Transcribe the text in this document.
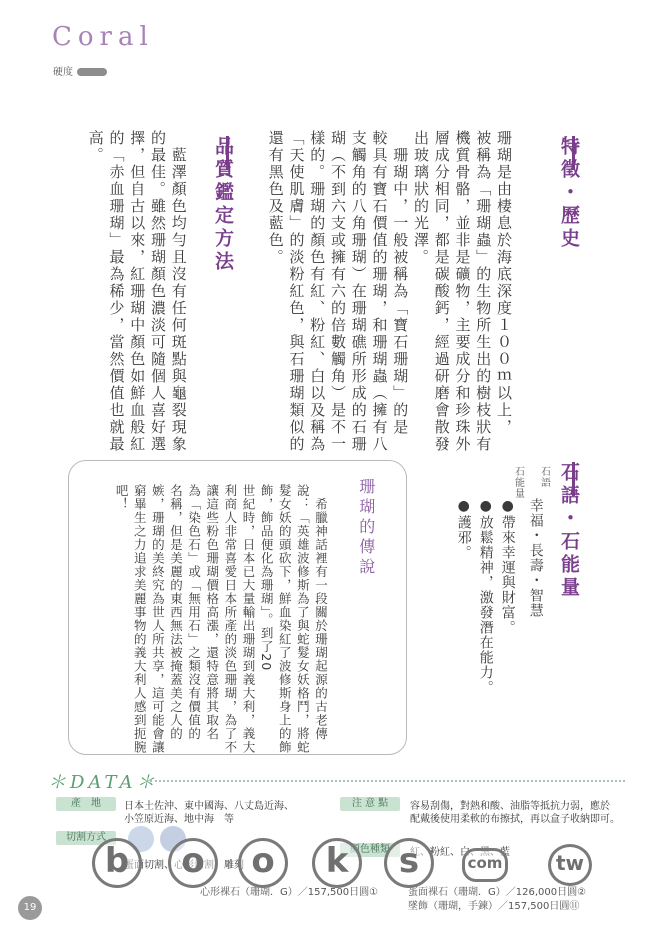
Coral
硬度
特徵・歷史
珊瑚是由棲息於海底深度１００ｍ以上，
被稱為「珊瑚蟲」的生物所生出的樹枝狀有
機質骨骼，並非是礦物，主要成分和珍珠外
層成分相同，都是碳酸鈣，經過研磨會散發
出玻璃狀的光澤。
　珊瑚中，一般被稱為「寶石珊瑚」的是
較具有寶石價值的珊瑚，和珊瑚蟲（擁有八
支觸角的八角珊瑚）在珊瑚礁所形成的石珊
瑚（不到六支或擁有六的倍數觸角）是不一
樣的。珊瑚的顏色有紅、粉紅、白以及稱為
「天使肌膚」的淡粉紅色，與石珊瑚類似的
還有黑色及藍色。
品質鑑定方法
　藍澤顏色均勻且沒有任何斑點與龜裂現象
的最佳。雖然珊瑚顏色濃淡可隨個人喜好選
擇，但自古以來，紅珊瑚中顏色如鮮血般紅
的「赤血珊瑚」最為稀少，當然價值也就最
高。
石語・石能量
石語
幸福・長壽・智慧
石能量
●帶來幸運與財富。
●放鬆精神，激發潛在能力。
●護邪。
珊瑚的傳說
　希臘神話裡有一段關於珊瑚起源的古老傳
說：「英雄波修斯為了與蛇髮女妖格鬥，將蛇
髮女妖的頭砍下，鮮血染紅了波修斯身上的飾
飾，飾品便化為珊瑚」。到了20
世紀時，日本已大量輸出珊瑚到義大利，義大
利商人非常喜愛日本所產的淡色珊瑚，為了不
讓這些粉色珊瑚價格高漲，還特意將其取名
為「染色石」或「無用石」之類沒有價值的
名稱，但是美麗的東西無法被掩蓋美之人的
嫉，珊瑚的美終究為世人所共享，這可能會讓
窮畢生之力追求美麗事物的義大利人感到扼腕
吧！
＊DATA＊
產　地	日本土佐沖、東中國海、八丈島近海、
小笠原近海、地中海　等
注 意 點	容易刮傷，對熱和酸、油脂等抵抗力弱，應於
配戴後使用柔軟的布擦拭，再以盒子收納即可。
切割方式
蛋面切割、心形切割、雕刻
顏色種類	紅、粉紅、白、黑、藍
心形裸石（珊瑚．G）／157,500日圓①	蛋面裸石（珊瑚．G）／126,000日圓②
墜飾（珊瑚，手鍊）／157,500日圓⑪
19
b	o	o	k	s	com	tw
